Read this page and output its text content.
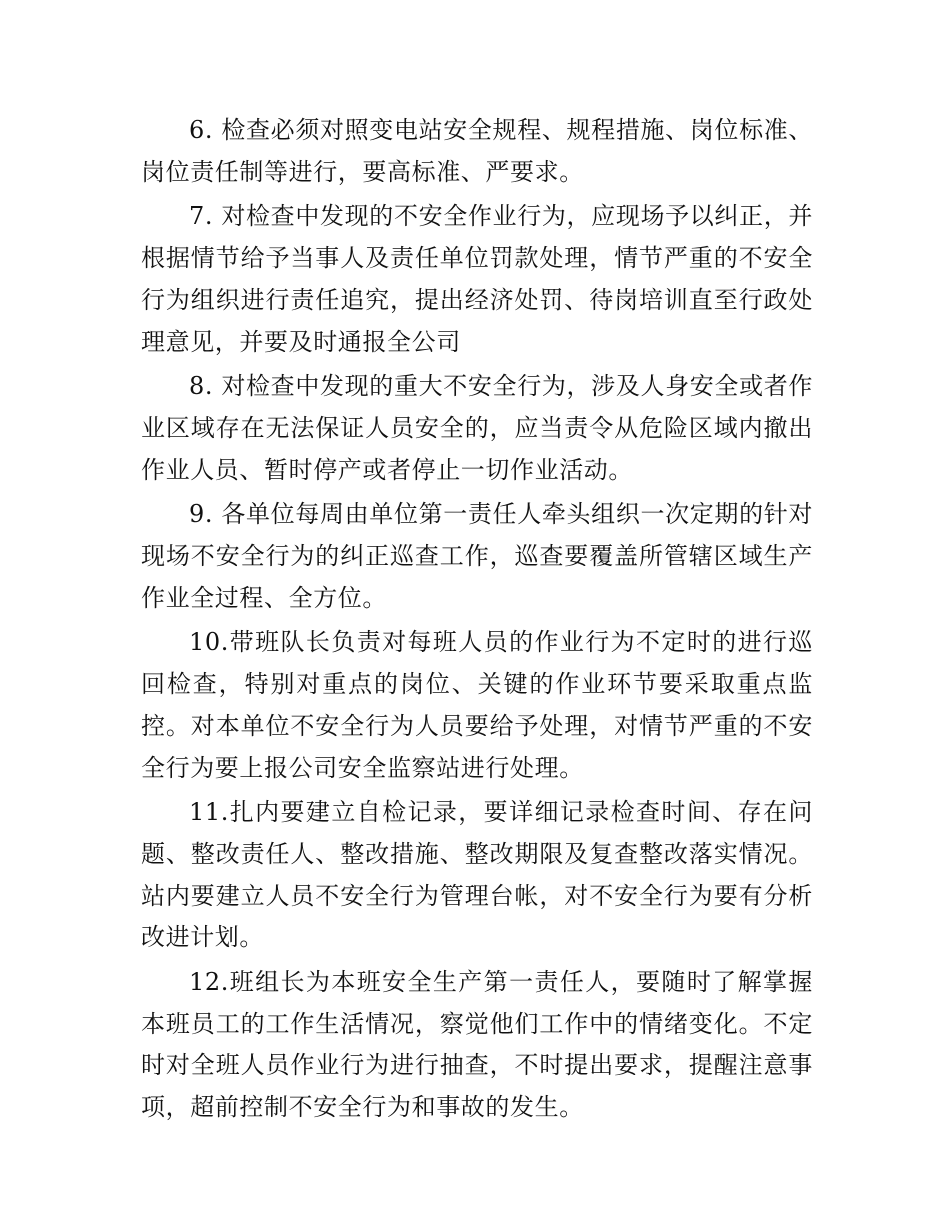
6. 检查必须对照变电站安全规程、规程措施、岗位标准、岗位责任制等进行，要高标准、严要求。

7. 对检查中发现的不安全作业行为，应现场予以纠正，并根据情节给予当事人及责任单位罚款处理，情节严重的不安全行为组织进行责任追究，提出经济处罚、待岗培训直至行政处理意见，并要及时通报全公司

8. 对检查中发现的重大不安全行为，涉及人身安全或者作业区域存在无法保证人员安全的，应当责令从危险区域内撤出作业人员、暂时停产或者停止一切作业活动。

9. 各单位每周由单位第一责任人牵头组织一次定期的针对现场不安全行为的纠正巡查工作，巡查要覆盖所管辖区域生产作业全过程、全方位。

10.带班队长负责对每班人员的作业行为不定时的进行巡回检查，特别对重点的岗位、关键的作业环节要采取重点监控。对本单位不安全行为人员要给予处理，对情节严重的不安全行为要上报公司安全监察站进行处理。

11.扎内要建立自检记录，要详细记录检查时间、存在问题、整改责任人、整改措施、整改期限及复查整改落实情况。站内要建立人员不安全行为管理台帐，对不安全行为要有分析改进计划。

12.班组长为本班安全生产第一责任人，要随时了解掌握本班员工的工作生活情况，察觉他们工作中的情绪变化。不定时对全班人员作业行为进行抽查，不时提出要求，提醒注意事项，超前控制不安全行为和事故的发生。
